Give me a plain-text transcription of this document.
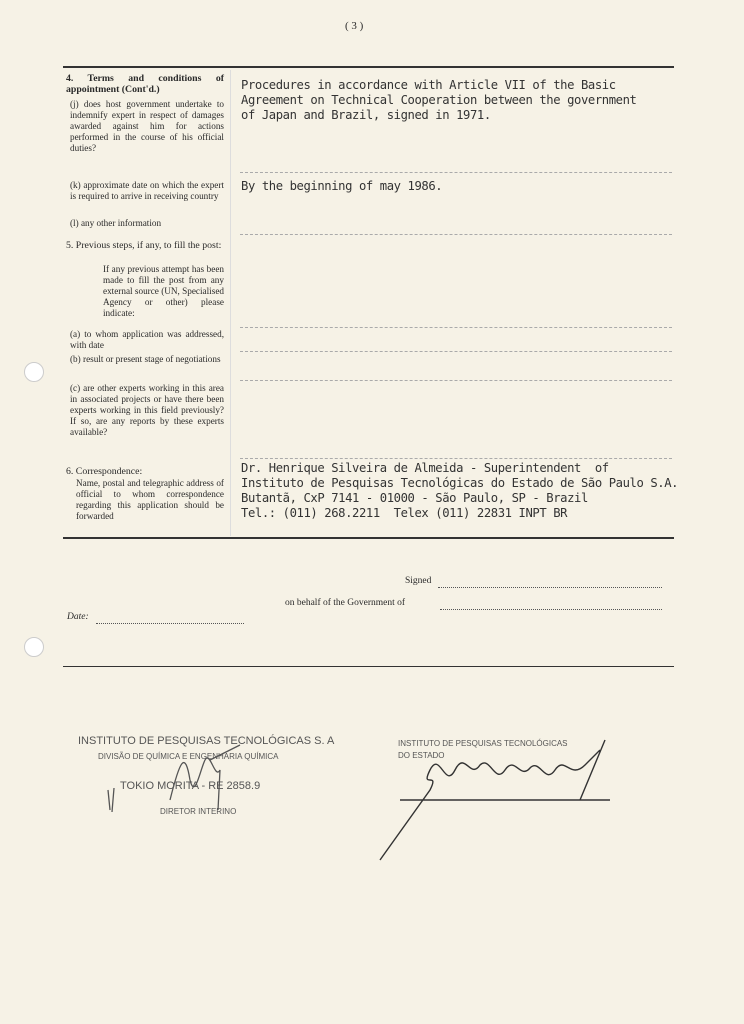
( 3 )
4. Terms and conditions of appointment (Cont'd.)
(j) does host government undertake to indemnify expert in respect of damages awarded against him for actions performed in the course of his official duties?
Procedures in accordance with Article VII of the Basic
Agreement on Technical Cooperation between the government
of Japan and Brazil, signed in 1971.
(k) approximate date on which the expert is required to arrive in receiving country
By the beginning of may 1986.
(l) any other information
5. Previous steps, if any, to fill the post:
If any previous attempt has been made to fill the post from any external source (UN, Specialised Agency or other) please indicate:
(a) to whom application was addressed, with date
(b) result or present stage of negotiations
(c) are other experts working in this area in associated projects or have there been experts working in this field previously? If so, are any reports by these experts available?
6. Correspondence:
Name, postal and telegraphic address of official to whom correspondence regarding this application should be forwarded
Dr. Henrique Silveira de Almeida - Superintendent  of
Instituto de Pesquisas Tecnológicas do Estado de São Paulo S.A.
Butantã, CxP 7141 - 01000 - São Paulo, SP - Brazil
Tel.: (011) 268.2211  Telex (011) 22831 INPT BR
Signed
on behalf of the Government of
Date:
INSTITUTO DE PESQUISAS TECNOLÓGICAS S. A
DIVISÃO DE QUÍMICA E ENGENHARIA QUÍMICA
TOKIO MORITA - RE 2858.9
DIRETOR INTERINO
INSTITUTO DE PESQUISAS TECNOLÓGICAS
DO ESTADO
